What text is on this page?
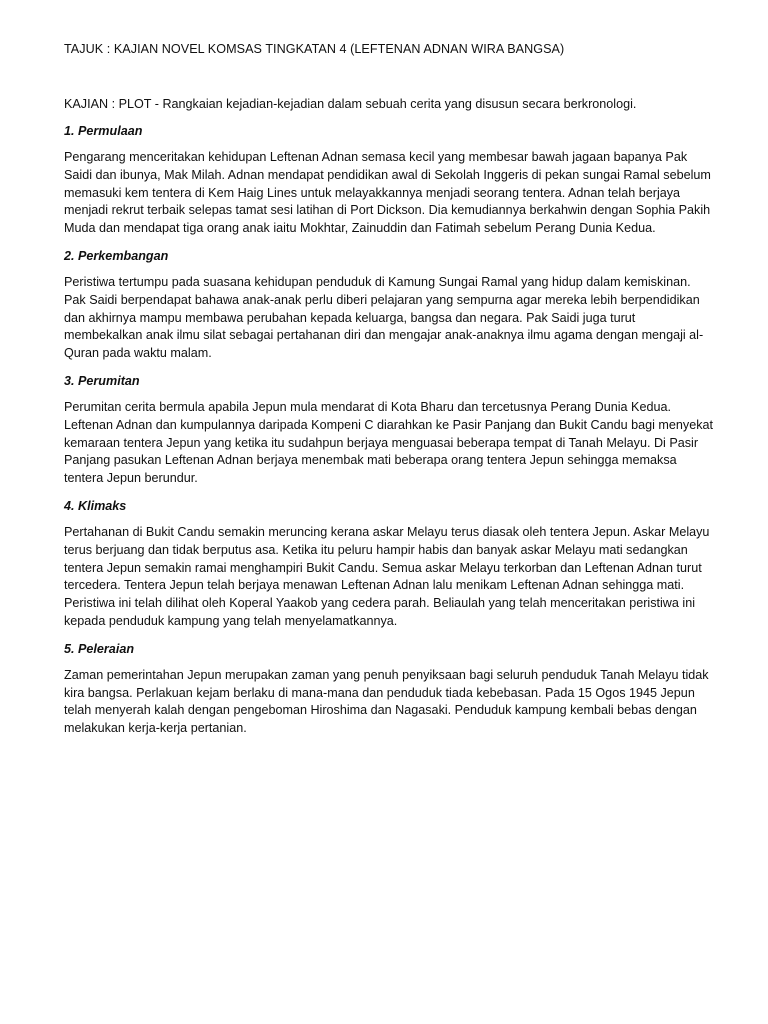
TAJUK : KAJIAN NOVEL KOMSAS TINGKATAN 4 (LEFTENAN ADNAN WIRA BANGSA)

KAJIAN : PLOT - Rangkaian kejadian-kejadian dalam sebuah cerita yang disusun secara berkronologi.

1. Permulaan

Pengarang menceritakan kehidupan Leftenan Adnan semasa kecil yang membesar bawah jagaan bapanya Pak Saidi dan ibunya, Mak Milah. Adnan mendapat pendidikan awal di Sekolah Inggeris di pekan sungai Ramal sebelum memasuki kem tentera di Kem Haig Lines untuk melayakkannya menjadi seorang tentera. Adnan telah berjaya menjadi rekrut terbaik selepas tamat sesi latihan di Port Dickson. Dia kemudiannya berkahwin dengan Sophia Pakih Muda dan mendapat tiga orang anak iaitu Mokhtar, Zainuddin dan Fatimah sebelum Perang Dunia Kedua.

2. Perkembangan

Peristiwa tertumpu pada suasana kehidupan penduduk di Kamung Sungai Ramal yang hidup dalam kemiskinan. Pak Saidi berpendapat bahawa anak-anak perlu diberi pelajaran yang sempurna agar mereka lebih berpendidikan dan akhirnya mampu membawa perubahan kepada keluarga, bangsa dan negara. Pak Saidi juga turut membekalkan anak ilmu silat sebagai pertahanan diri dan mengajar anak-anaknya ilmu agama dengan mengaji al-Quran pada waktu malam.

3. Perumitan

Perumitan cerita bermula apabila Jepun mula mendarat di Kota Bharu dan tercetusnya Perang Dunia Kedua. Leftenan Adnan dan kumpulannya daripada Kompeni C diarahkan ke Pasir Panjang dan Bukit Candu bagi menyekat kemaraan tentera Jepun yang ketika itu sudahpun berjaya menguasai beberapa tempat di Tanah Melayu. Di Pasir Panjang pasukan Leftenan Adnan berjaya menembak mati beberapa orang tentera Jepun sehingga memaksa tentera Jepun berundur.

4. Klimaks

Pertahanan di Bukit Candu semakin meruncing kerana askar Melayu terus diasak oleh tentera Jepun. Askar Melayu terus berjuang dan tidak berputus asa. Ketika itu peluru hampir habis dan banyak askar Melayu mati sedangkan tentera Jepun semakin ramai menghampiri Bukit Candu. Semua askar Melayu terkorban dan Leftenan Adnan turut tercedera. Tentera Jepun telah berjaya menawan Leftenan Adnan lalu menikam Leftenan Adnan sehingga mati. Peristiwa ini telah dilihat oleh Koperal Yaakob yang cedera parah. Beliaulah yang telah menceritakan peristiwa ini kepada penduduk kampung yang telah menyelamatkannya.

5. Peleraian

Zaman pemerintahan Jepun merupakan zaman yang penuh penyiksaan bagi seluruh penduduk Tanah Melayu tidak kira bangsa. Perlakuan kejam berlaku di mana-mana dan penduduk tiada kebebasan. Pada 15 Ogos 1945 Jepun telah menyerah kalah dengan pengeboman Hiroshima dan Nagasaki. Penduduk kampung kembali bebas dengan melakukan kerja-kerja pertanian.
